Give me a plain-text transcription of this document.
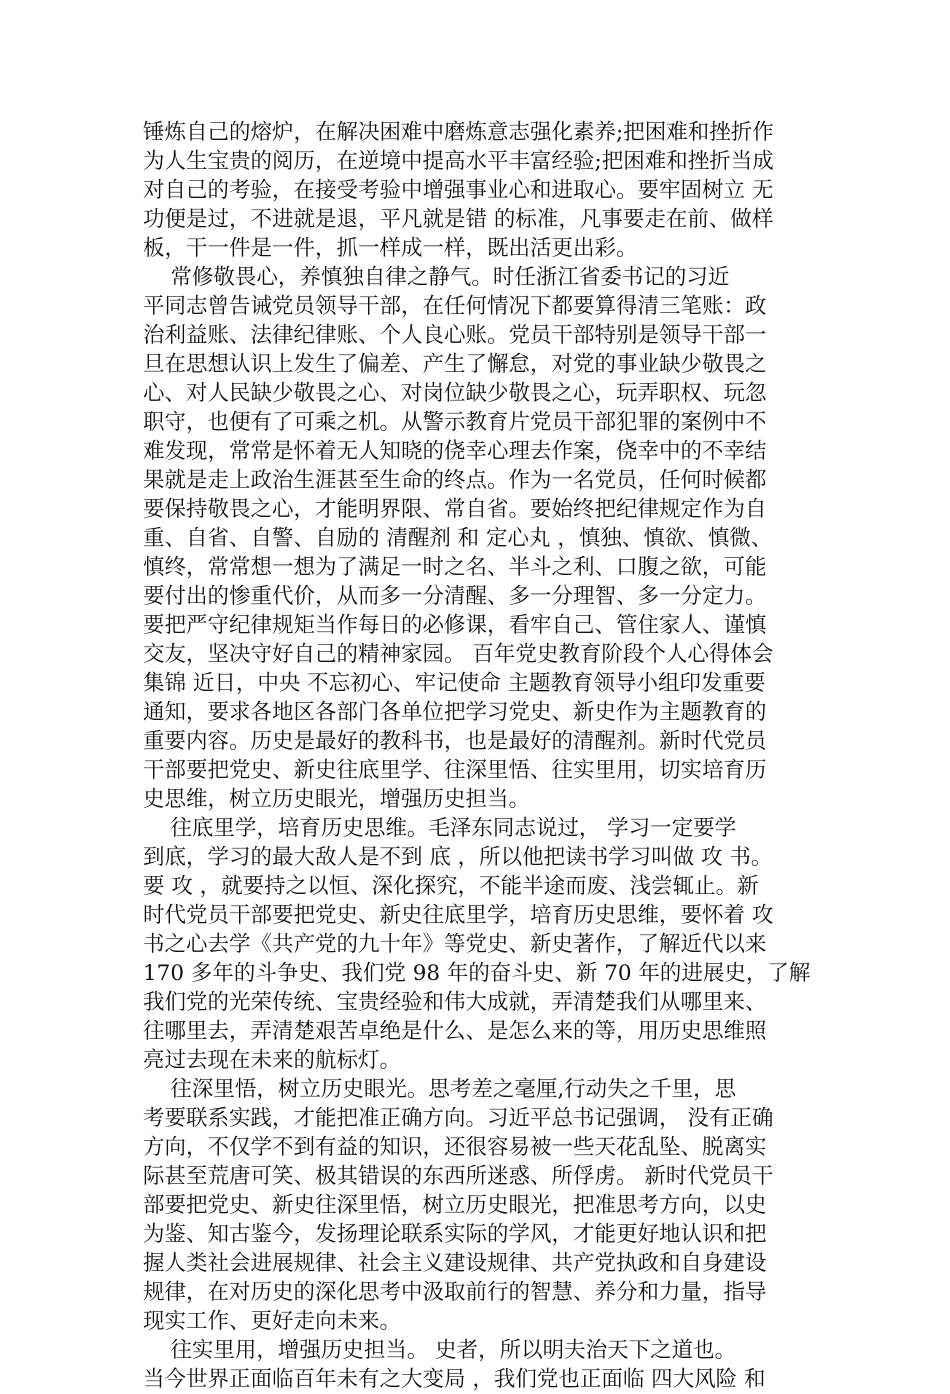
锤炼自己的熔炉，在解决困难中磨炼意志强化素养;把困难和挫折作
为人生宝贵的阅历，在逆境中提高水平丰富经验;把困难和挫折当成
对自己的考验，在接受考验中增强事业心和进取心。要牢固树立 无
功便是过，不进就是退，平凡就是错 的标准，凡事要走在前、做样
板，干一件是一件，抓一样成一样，既出活更出彩。
常修敬畏心，养慎独自律之静气。时任浙江省委书记的习近
平同志曾告诫党员领导干部，在任何情况下都要算得清三笔账：政
治利益账、法律纪律账、个人良心账。党员干部特别是领导干部一
旦在思想认识上发生了偏差、产生了懈怠，对党的事业缺少敬畏之
心、对人民缺少敬畏之心、对岗位缺少敬畏之心，玩弄职权、玩忽
职守，也便有了可乘之机。从警示教育片党员干部犯罪的案例中不
难发现，常常是怀着无人知晓的侥幸心理去作案，侥幸中的不幸结
果就是走上政治生涯甚至生命的终点。作为一名党员，任何时候都
要保持敬畏之心，才能明界限、常自省。要始终把纪律规定作为自
重、自省、自警、自励的 清醒剂 和 定心丸 ，慎独、慎欲、慎微、
慎终，常常想一想为了满足一时之名、半斗之利、口腹之欲，可能
要付出的惨重代价，从而多一分清醒、多一分理智、多一分定力。
要把严守纪律规矩当作每日的必修课，看牢自己、管住家人、谨慎
交友，坚决守好自己的精神家园。 百年党史教育阶段个人心得体会
集锦 近日，中央 不忘初心、牢记使命 主题教育领导小组印发重要
通知，要求各地区各部门各单位把学习党史、新史作为主题教育的
重要内容。历史是最好的教科书，也是最好的清醒剂。新时代党员
干部要把党史、新史往底里学、往深里悟、往实里用，切实培育历
史思维，树立历史眼光，增强历史担当。
往底里学，培育历史思维。毛泽东同志说过， 学习一定要学
到底，学习的最大敌人是不到 底 ，所以他把读书学习叫做 攻 书。
要 攻 ，就要持之以恒、深化探究，不能半途而废、浅尝辄止。新
时代党员干部要把党史、新史往底里学，培育历史思维，要怀着 攻
书之心去学《共产党的九十年》等党史、新史著作，了解近代以来
170 多年的斗争史、我们党 98 年的奋斗史、新 70 年的进展史，了解
我们党的光荣传统、宝贵经验和伟大成就，弄清楚我们从哪里来、
往哪里去，弄清楚艰苦卓绝是什么、是怎么来的等，用历史思维照
亮过去现在未来的航标灯。
往深里悟，树立历史眼光。思考差之毫厘,行动失之千里，思
考要联系实践，才能把准正确方向。习近平总书记强调， 没有正确
方向，不仅学不到有益的知识，还很容易被一些天花乱坠、脱离实
际甚至荒唐可笑、极其错误的东西所迷惑、所俘虏。 新时代党员干
部要把党史、新史往深里悟，树立历史眼光，把准思考方向，以史
为鉴、知古鉴今，发扬理论联系实际的学风，才能更好地认识和把
握人类社会进展规律、社会主义建设规律、共产党执政和自身建设
规律，在对历史的深化思考中汲取前行的智慧、养分和力量，指导
现实工作、更好走向未来。
往实里用，增强历史担当。 史者，所以明夫治天下之道也。
当今世界正面临百年未有之大变局 ，我们党也正面临 四大风险 和
